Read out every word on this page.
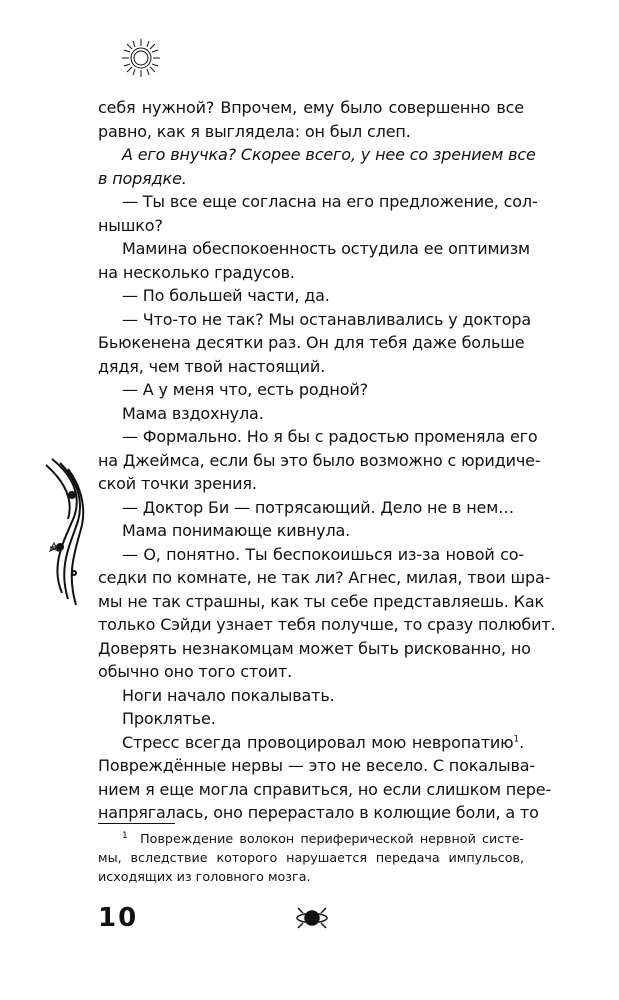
себя нужной? Впрочем, ему было совершенно все
равно, как я выглядела: он был слеп.
А его внучка? Скорее всего, у нее со зрением все
в порядке.
— Ты все еще согласна на его предложение, сол-
нышко?
Мамина обеспокоенность остудила ее оптимизм
на несколько градусов.
— По большей части, да.
— Что-то не так? Мы останавливались у доктора
Бьюкенена десятки раз. Он для тебя даже больше
дядя, чем твой настоящий.
— А у меня что, есть родной?
Мама вздохнула.
— Формально. Но я бы с радостью променяла его
на Джеймса, если бы это было возможно с юридиче-
ской точки зрения.
— Доктор Би — потрясающий. Дело не в нем…
Мама понимающе кивнула.
— О, понятно. Ты беспокоишься из-за новой со-
седки по комнате, не так ли? Агнес, милая, твои шра-
мы не так страшны, как ты себе представляешь. Как
только Сэйди узнает тебя получше, то сразу полюбит.
Доверять незнакомцам может быть рискованно, но
обычно оно того стоит.
Ноги начало покалывать.
Проклятье.
Стресс всегда провоцировал мою невропатию$^1$.
Повреждённые нервы — это не весело. С покалыва-
нием я еще могла справиться, но если слишком пере-
напрягалась, оно перерастало в колющие боли, а то
$^1$ Повреждение волокон периферической нервной систе-
мы, вследствие которого нарушается передача импульсов,
исходящих из головного мозга.
10
